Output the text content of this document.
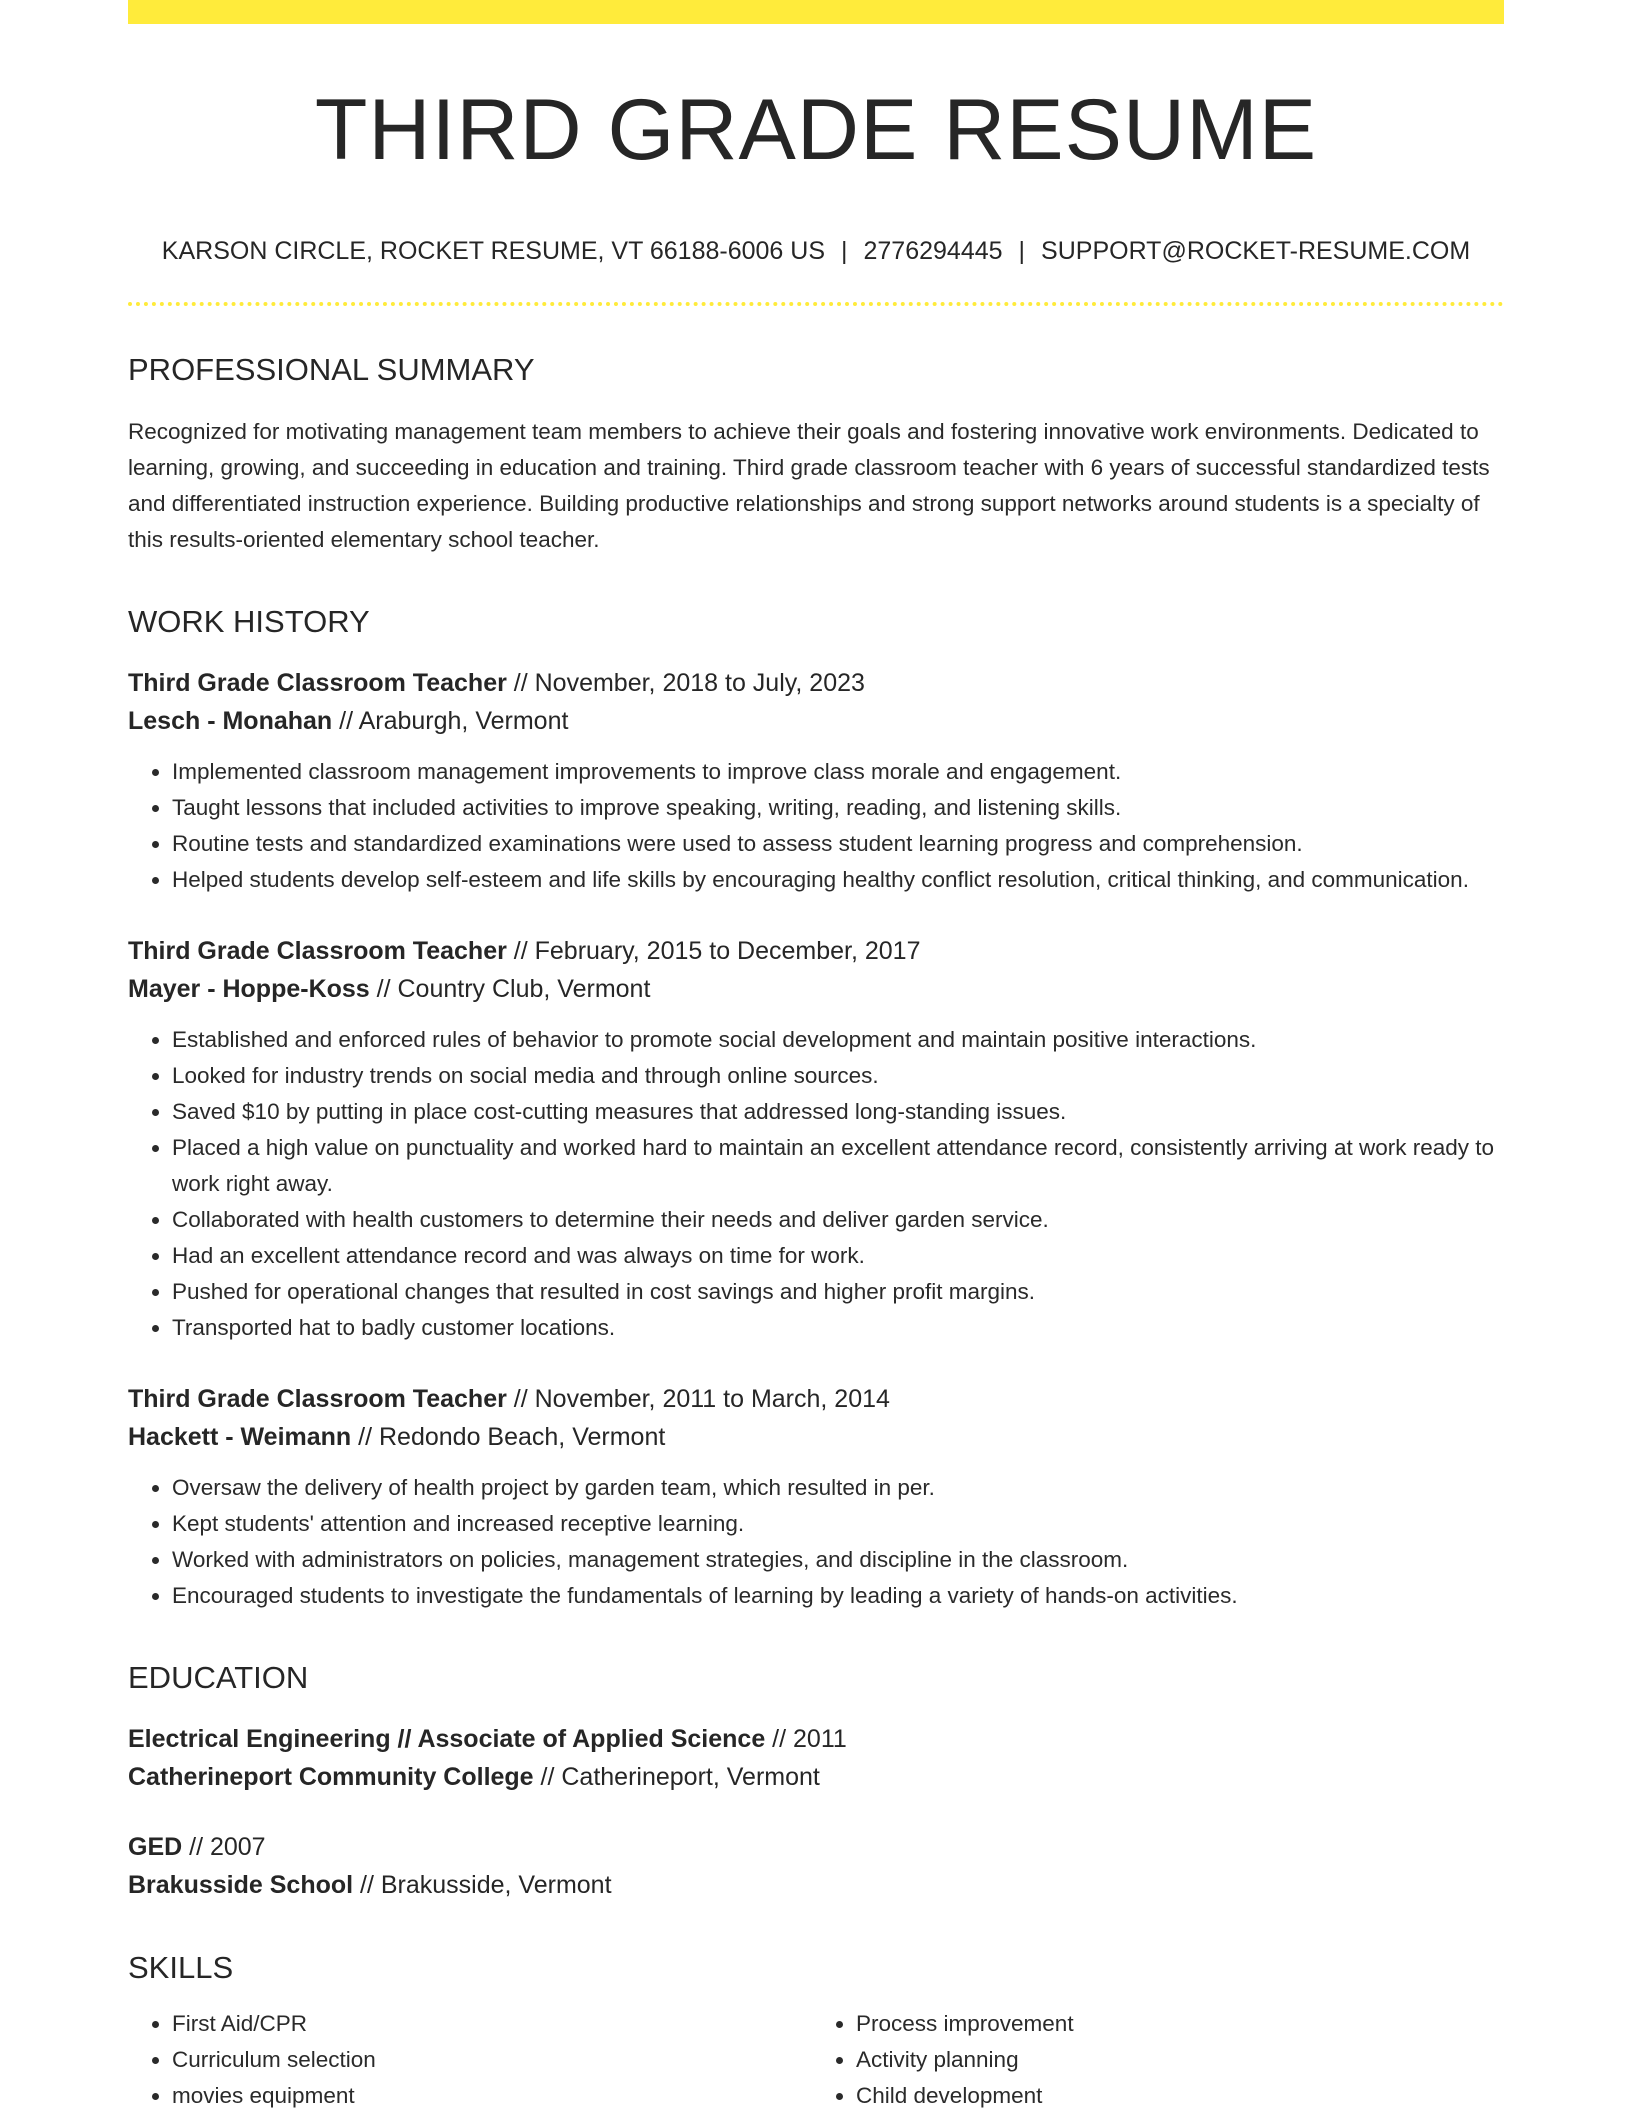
THIRD GRADE RESUME
KARSON CIRCLE, ROCKET RESUME, VT 66188-6006 US | 2776294445 | SUPPORT@ROCKET-RESUME.COM
PROFESSIONAL SUMMARY
Recognized for motivating management team members to achieve their goals and fostering innovative work environments. Dedicated to learning, growing, and succeeding in education and training. Third grade classroom teacher with 6 years of successful standardized tests and differentiated instruction experience. Building productive relationships and strong support networks around students is a specialty of this results-oriented elementary school teacher.
WORK HISTORY
Third Grade Classroom Teacher // November, 2018 to July, 2023
Lesch - Monahan // Araburgh, Vermont
• Implemented classroom management improvements to improve class morale and engagement.
• Taught lessons that included activities to improve speaking, writing, reading, and listening skills.
• Routine tests and standardized examinations were used to assess student learning progress and comprehension.
• Helped students develop self-esteem and life skills by encouraging healthy conflict resolution, critical thinking, and communication.
Third Grade Classroom Teacher // February, 2015 to December, 2017
Mayer - Hoppe-Koss // Country Club, Vermont
• Established and enforced rules of behavior to promote social development and maintain positive interactions.
• Looked for industry trends on social media and through online sources.
• Saved $10 by putting in place cost-cutting measures that addressed long-standing issues.
• Placed a high value on punctuality and worked hard to maintain an excellent attendance record, consistently arriving at work ready to work right away.
• Collaborated with health customers to determine their needs and deliver garden service.
• Had an excellent attendance record and was always on time for work.
• Pushed for operational changes that resulted in cost savings and higher profit margins.
• Transported hat to badly customer locations.
Third Grade Classroom Teacher // November, 2011 to March, 2014
Hackett - Weimann // Redondo Beach, Vermont
• Oversaw the delivery of health project by garden team, which resulted in per.
• Kept students' attention and increased receptive learning.
• Worked with administrators on policies, management strategies, and discipline in the classroom.
• Encouraged students to investigate the fundamentals of learning by leading a variety of hands-on activities.
EDUCATION
Electrical Engineering // Associate of Applied Science // 2011
Catherineport Community College // Catherineport, Vermont
GED // 2007
Brakusside School // Brakusside, Vermont
SKILLS
• First Aid/CPR
• Curriculum selection
• movies equipment
• Process improvement
• Activity planning
• Child development
